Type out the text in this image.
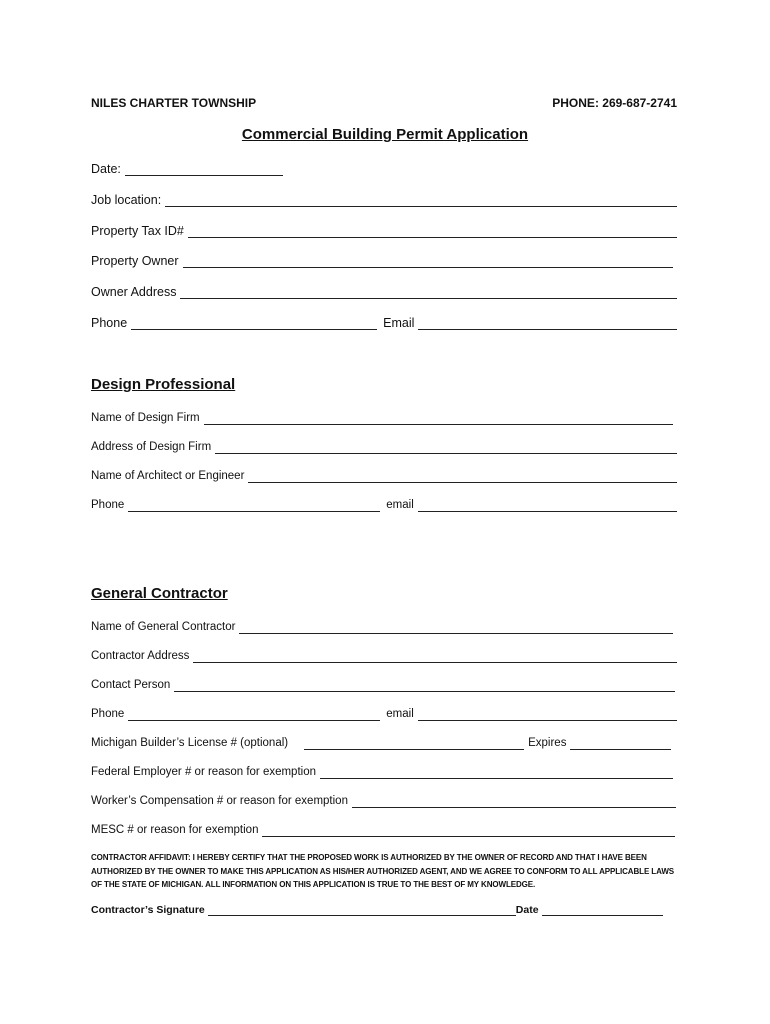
NILES CHARTER TOWNSHIP	PHONE: 269-687-2741
Commercial Building Permit Application
Date:
Job location:
Property Tax ID#
Property Owner
Owner Address
Phone	Email
Design Professional
Name of Design Firm
Address of Design Firm
Name of Architect or Engineer
Phone	email
General Contractor
Name of General Contractor
Contractor Address
Contact Person
Phone	email
Michigan Builder’s License # (optional)	Expires
Federal Employer # or reason for exemption
Worker’s Compensation # or reason for exemption
MESC # or reason for exemption
CONTRACTOR AFFIDAVIT: I HEREBY CERTIFY THAT THE PROPOSED WORK IS AUTHORIZED BY THE OWNER OF RECORD AND THAT I HAVE BEEN AUTHORIZED BY THE OWNER TO MAKE THIS APPLICATION AS HIS/HER AUTHORIZED AGENT, AND WE AGREE TO CONFORM TO ALL APPLICABLE LAWS OF THE STATE OF MICHIGAN. ALL INFORMATION ON THIS APPLICATION IS TRUE TO THE BEST OF MY KNOWLEDGE.
Contractor’s Signature	Date
